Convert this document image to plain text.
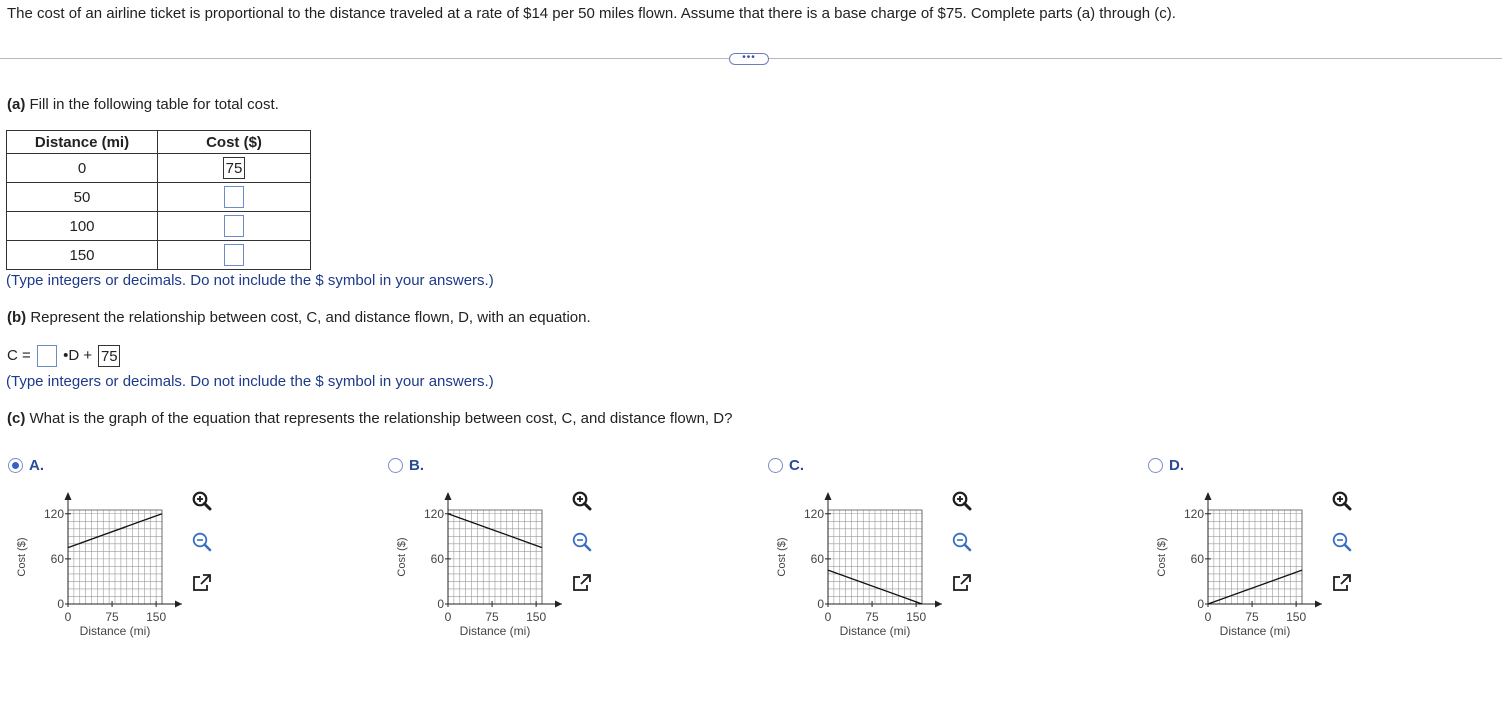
The cost of an airline ticket is proportional to the distance traveled at a rate of $14 per 50 miles flown. Assume that there is a base charge of $75. Complete parts (a) through (c).
•••
(a) Fill in the following table for total cost.
Distance (mi)	Cost ($)
0	75
50	
100	
150	
(Type integers or decimals. Do not include the $ symbol in your answers.)
(b) Represent the relationship between cost, C, and distance flown, D, with an equation.
C = •D + 75
(Type integers or decimals. Do not include the $ symbol in your answers.)
(c) What is the graph of the equation that represents the relationship between cost, C, and distance flown, D?
A.
0	75 150
0
60
120
Distance (mi)
Cost ($)
B.
0	75 150
0
60
120
Distance (mi)
Cost ($)
C.
0	75 150
0
60
120
Distance (mi)
Cost ($)
D.
0	75 150
0
60
120
Distance (mi)
Cost ($)
